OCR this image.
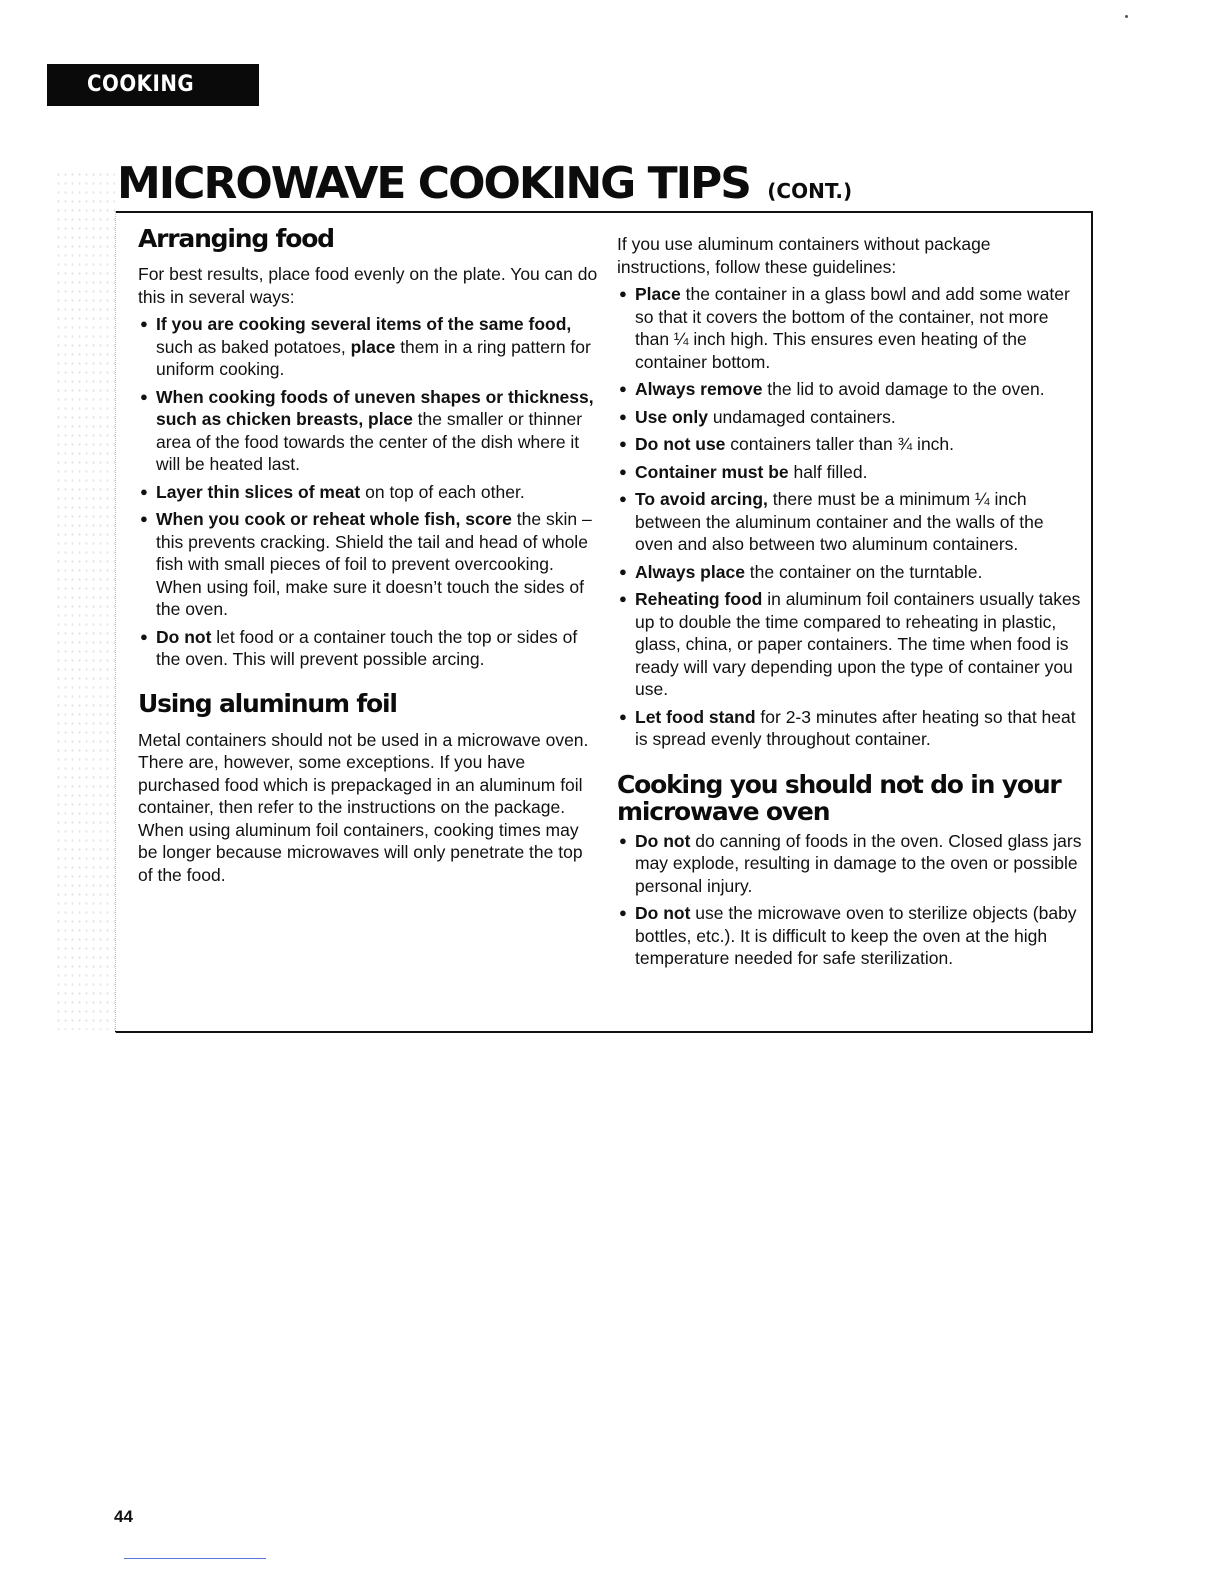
COOKING GUIDE
MICROWAVE COOKING TIPS (CONT.)
Arranging food

For best results, place food evenly on the plate. You can do this in several ways:

● If you are cooking several items of the same food, such as baked potatoes, place them in a ring pattern for uniform cooking.
● When cooking foods of uneven shapes or thickness, such as chicken breasts, place the smaller or thinner area of the food towards the center of the dish where it will be heated last.
● Layer thin slices of meat on top of each other.
● When you cook or reheat whole fish, score the skin – this prevents cracking. Shield the tail and head of whole fish with small pieces of foil to prevent overcooking. When using foil, make sure it doesn’t touch the sides of the oven.
● Do not let food or a container touch the top or sides of the oven. This will prevent possible arcing.
Using aluminum foil

Metal containers should not be used in a microwave oven. There are, however, some exceptions. If you have purchased food which is prepackaged in an aluminum foil container, then refer to the instructions on the package. When using aluminum foil containers, cooking times may be longer because microwaves will only penetrate the top of the food.

If you use aluminum containers without package instructions, follow these guidelines:

● Place the container in a glass bowl and add some water so that it covers the bottom of the container, not more than ¼ inch high. This ensures even heating of the container bottom.
● Always remove the lid to avoid damage to the oven.
● Use only undamaged containers.
● Do not use containers taller than ¾ inch.
● Container must be half filled.
● To avoid arcing, there must be a minimum ¼ inch between the aluminum container and the walls of the oven and also between two aluminum containers.
● Always place the container on the turntable.
● Reheating food in aluminum foil containers usually takes up to double the time compared to reheating in plastic, glass, china, or paper containers. The time when food is ready will vary depending upon the type of container you use.
● Let food stand for 2-3 minutes after heating so that heat is spread evenly throughout container.
Cooking you should not do in your
microwave oven
● Do not do canning of foods in the oven. Closed glass jars may explode, resulting in damage to the oven or possible personal injury.
● Do not use the microwave oven to sterilize objects (baby bottles, etc.). It is difficult to keep the oven at the high temperature needed for safe sterilization.
44
